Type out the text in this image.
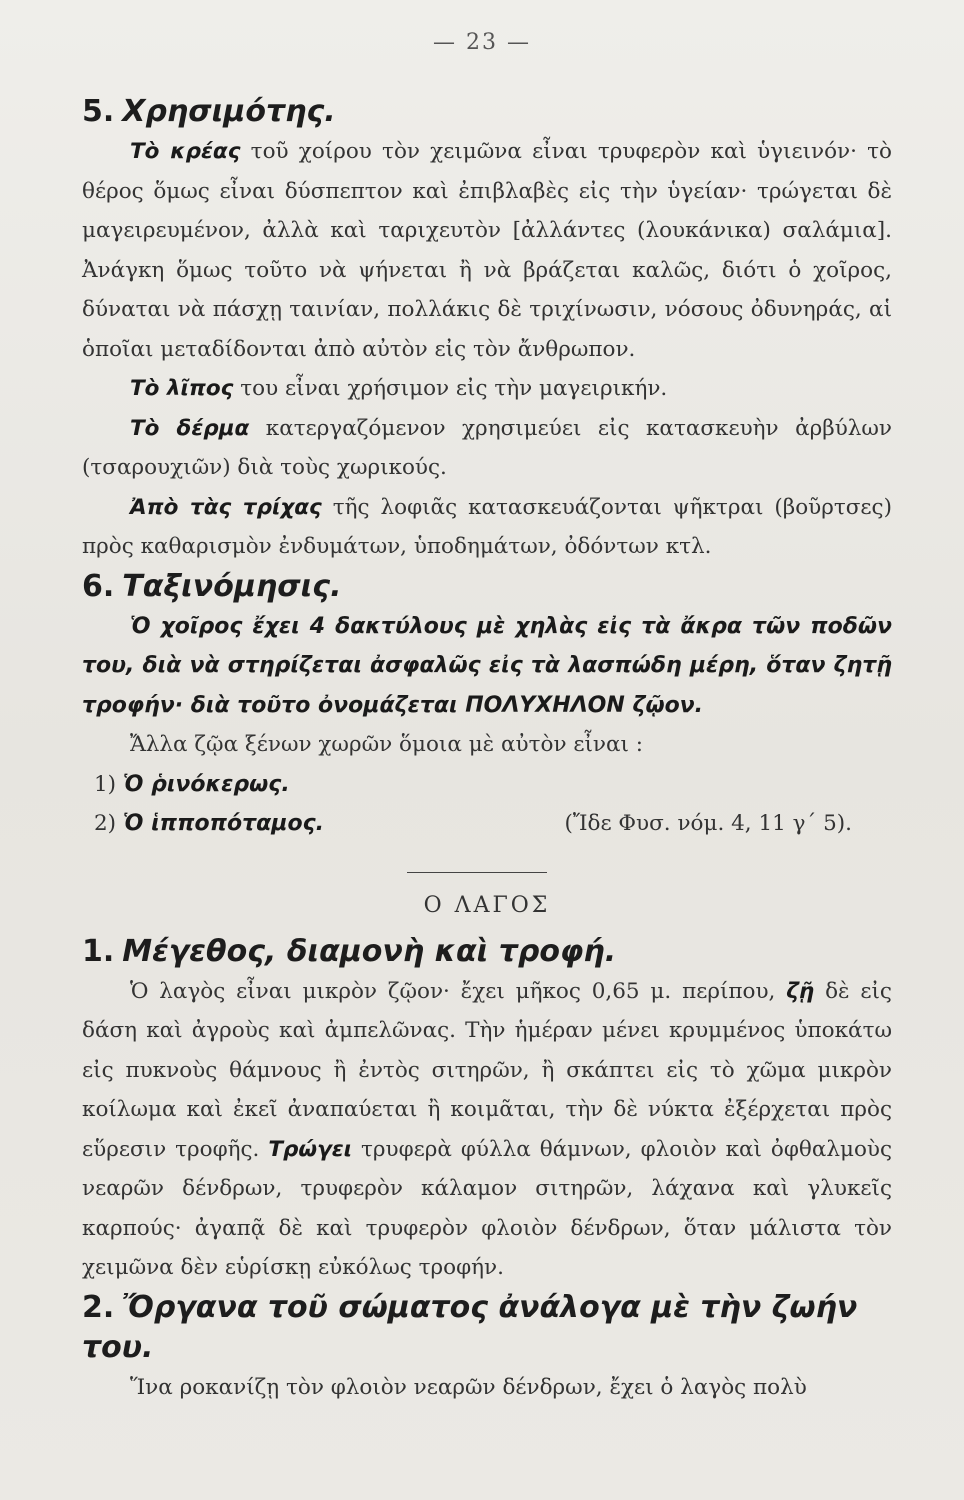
— 23 —
5. Χρησιμότης.

Τὸ κρέας τοῦ χοίρου τὸν χειμῶνα εἶναι τρυφερὸν καὶ ὑγιεινόν· τὸ θέρος ὅμως εἶναι δύσπεπτον καὶ ἐπιβλαβὲς εἰς τὴν ὑγείαν· τρώγεται δὲ μαγειρευμένον, ἀλλὰ καὶ ταριχευτὸν [ἀλλάντες (λουκάνικα) σαλάμια]. Ἀνάγκη ὅμως τοῦτο νὰ ψήνεται ἢ νὰ βράζεται καλῶς, διότι ὁ χοῖρος, δύναται νὰ πάσχῃ ταινίαν, πολλάκις δὲ τριχίνωσιν, νόσους ὀδυνηράς, αἱ ὁποῖαι μεταδίδονται ἀπὸ αὐτὸν εἰς τὸν ἄνθρωπον.

Τὸ λῖπος του εἶναι χρήσιμον εἰς τὴν μαγειρικήν.

Τὸ δέρμα κατεργαζόμενον χρησιμεύει εἰς κατασκευὴν ἀρβύλων (τσαρουχιῶν) διὰ τοὺς χωρικούς.

Ἀπὸ τὰς τρίχας τῆς λοφιᾶς κατασκευάζονται ψῆκτραι (βοῦρτσες) πρὸς καθαρισμὸν ἐνδυμάτων, ὑποδημάτων, ὀδόντων κτλ.

6. Ταξινόμησις.

Ὁ χοῖρος ἔχει 4 δακτύλους μὲ χηλὰς εἰς τὰ ἄκρα τῶν ποδῶν του, διὰ νὰ στηρίζεται ἀσφαλῶς εἰς τὰ λασπώδη μέρη, ὅταν ζητῇ τροφήν· διὰ τοῦτο ὀνομάζεται ΠΟΛΥΧΗΛΟΝ ζῷον.

Ἄλλα ζῷα ξένων χωρῶν ὅμοια μὲ αὐτὸν εἶναι :

1) Ὁ ῥινόκερως.

2) Ὁ ἱπποπόταμος.	(Ἴδε Φυσ. νόμ. 4, 11 γ΄ 5).

Ο ΛΑΓΟΣ
1. Μέγεθος, διαμονὴ καὶ τροφή.

Ὁ λαγὸς εἶναι μικρὸν ζῷον· ἔχει μῆκος 0,65 μ. περίπου, ζῇ δὲ εἰς δάση καὶ ἀγροὺς καὶ ἀμπελῶνας. Τὴν ἡμέραν μένει κρυμμένος ὑποκάτω εἰς πυκνοὺς θάμνους ἢ ἐντὸς σιτηρῶν, ἢ σκάπτει εἰς τὸ χῶμα μικρὸν κοίλωμα καὶ ἐκεῖ ἀναπαύεται ἢ κοιμᾶται, τὴν δὲ νύκτα ἐξέρχεται πρὸς εὕρεσιν τροφῆς. Τρώγει τρυφερὰ φύλλα θάμνων, φλοιὸν καὶ ὀφθαλμοὺς νεαρῶν δένδρων, τρυφερὸν κάλαμον σιτηρῶν, λάχανα καὶ γλυκεῖς καρπούς· ἀγαπᾷ δὲ καὶ τρυφερὸν φλοιὸν δένδρων, ὅταν μάλιστα τὸν χειμῶνα δὲν εὑρίσκῃ εὐκόλως τροφήν.

2. Ὄργανα τοῦ σώματος ἀνάλογα μὲ τὴν ζωήν του.

Ἵνα ροκανίζῃ τὸν φλοιὸν νεαρῶν δένδρων, ἔχει ὁ λαγὸς πολὺ
